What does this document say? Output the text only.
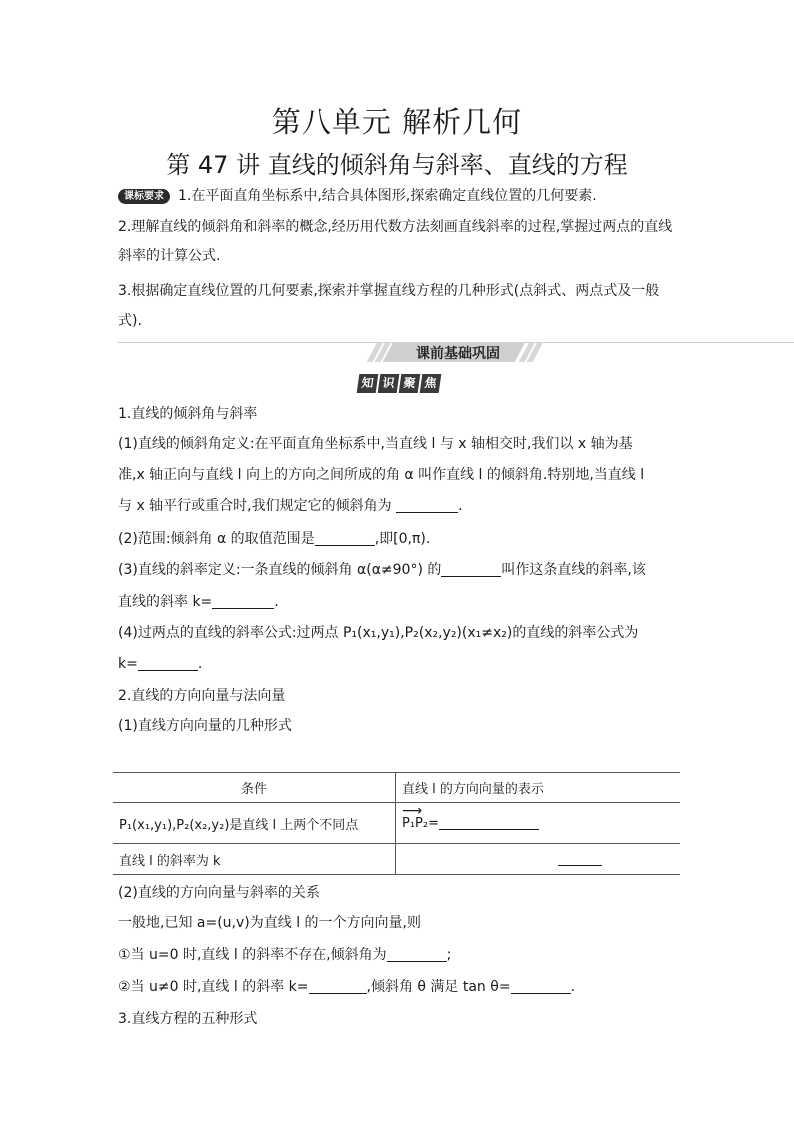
第八单元 解析几何
第 47 讲 直线的倾斜角与斜率、直线的方程
课标要求 1.在平面直角坐标系中,结合具体图形,探索确定直线位置的几何要素.
2.理解直线的倾斜角和斜率的概念,经历用代数方法刻画直线斜率的过程,掌握过两点的直线
斜率的计算公式.
3.根据确定直线位置的几何要素,探索并掌握直线方程的几种形式(点斜式、两点式及一般
式).
课前基础巩固
知 识 聚 焦
1.直线的倾斜角与斜率
(1)直线的倾斜角定义:在平面直角坐标系中,当直线 l 与 x 轴相交时,我们以 x 轴为基
准,x 轴正向与直线 l 向上的方向之间所成的角 α 叫作直线 l 的倾斜角.特别地,当直线 l
与 x 轴平行或重合时,我们规定它的倾斜角为	.
(2)范围:倾斜角 α 的取值范围是	,即[0,π).
(3)直线的斜率定义:一条直线的倾斜角 α(α≠90°) 的	叫作这条直线的斜率,该
直线的斜率 k=	.
(4)过两点的直线的斜率公式:过两点 P₁(x₁,y₁),P₂(x₂,y₂)(x₁≠x₂)的直线的斜率公式为
k=	.
2.直线的方向向量与法向量
(1)直线方向向量的几种形式
条件	直线 l 的方向向量的表示
P₁(x₁,y₁),P₂(x₂,y₂)是直线 l 上两个不同点	⟶ P₁P₂=
直线 l 的斜率为 k	
(2)直线的方向向量与斜率的关系
一般地,已知 a=(u,v)为直线 l 的一个方向向量,则
①当 u=0 时,直线 l 的斜率不存在,倾斜角为	;
②当 u≠0 时,直线 l 的斜率 k=	,倾斜角 θ 满足 tan θ=	.
3.直线方程的五种形式
